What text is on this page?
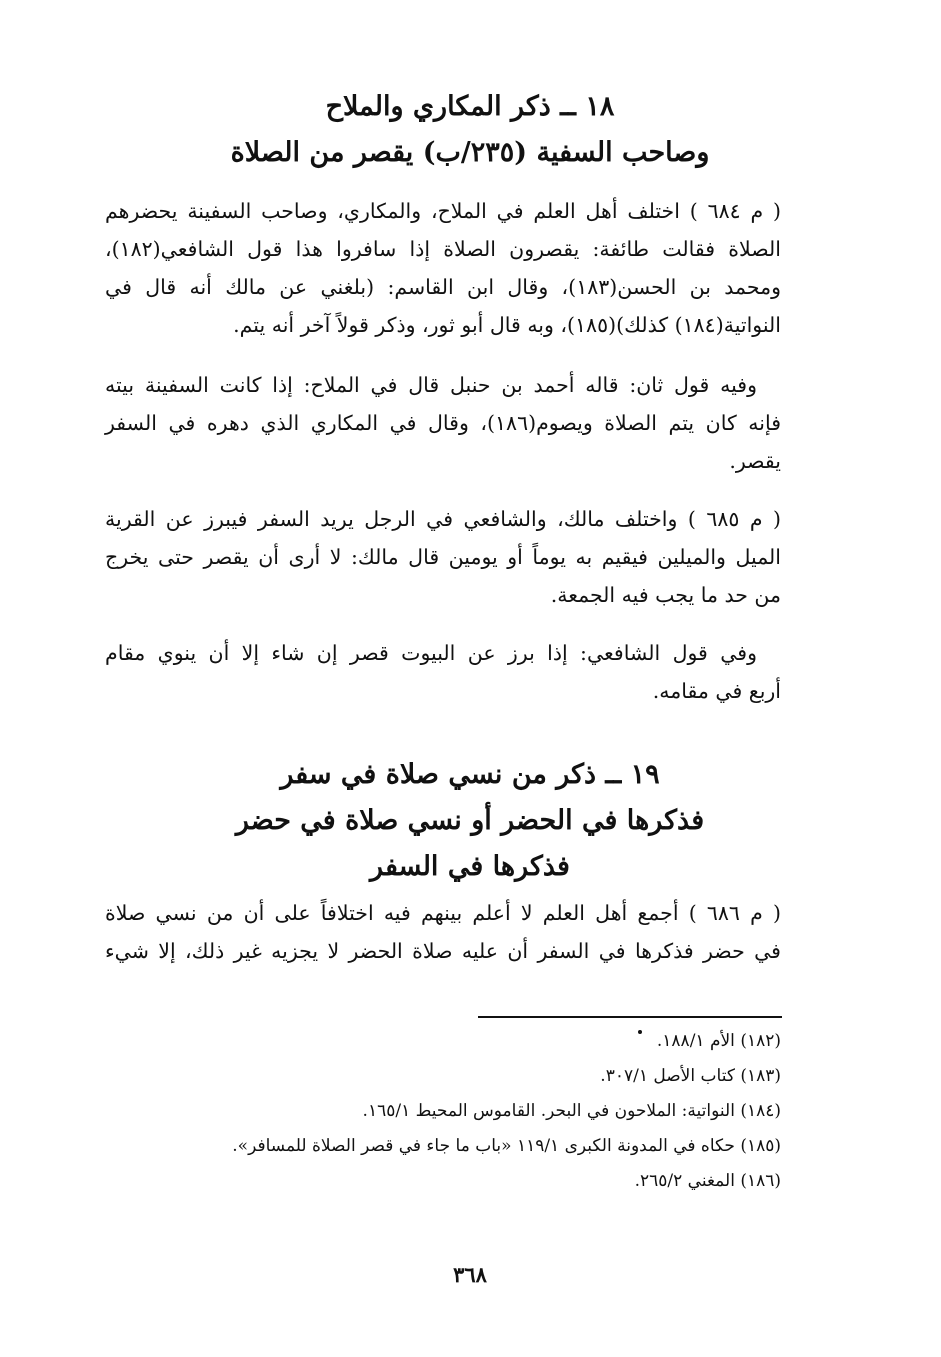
١٨ ــ ذكر المكاري والملاح
وصاحب السفية (٢٣٥/ب) يقصر من الصلاة
( م ٦٨٤ ) اختلف أهل العلم في الملاح، والمكاري، وصاحب السفينة يحضرهم
الصلاة فقالت طائفة: يقصرون الصلاة إذا سافروا هذا قول الشافعي(١٨٢)،
ومحمد بن الحسن(١٨٣)، وقال ابن القاسم: (بلغني عن مالك أنه قال في
النواتية(١٨٤) كذلك)(١٨٥)، وبه قال أبو ثور، وذكر قولاً آخر أنه يتم.
وفيه قول ثان: قاله أحمد بن حنبل قال في الملاح: إذا كانت السفينة بيته
فإنه كان يتم الصلاة ويصوم(١٨٦)، وقال في المكاري الذي دهره في السفر
يقصر.
( م ٦٨٥ ) واختلف مالك، والشافعي في الرجل يريد السفر فيبرز عن القرية
الميل والميلين فيقيم به يوماً أو يومين قال مالك: لا أرى أن يقصر حتى يخرج
من حد ما يجب فيه الجمعة.
وفي قول الشافعي: إذا برز عن البيوت قصر إن شاء إلا أن ينوي مقام
أربع في مقامه.
١٩ ــ ذكر من نسي صلاة في سفر
فذكرها في الحضر أو نسي صلاة في حضر
فذكرها في السفر
( م ٦٨٦ ) أجمع أهل العلم لا أعلم بينهم فيه اختلافاً على أن من نسي صلاة
في حضر فذكرها في السفر أن عليه صلاة الحضر لا يجزيه غير ذلك، إلا شيء
(١٨٢) الأم ١٨٨/١.
(١٨٣) كتاب الأصل ٣٠٧/١.
(١٨٤) النواتية: الملاحون في البحر. القاموس المحيط ١٦٥/١.
(١٨٥) حكاه في المدونة الكبرى ١١٩/١ «باب ما جاء في قصر الصلاة للمسافر».
(١٨٦) المغني ٢٦٥/٢.
٣٦٨
